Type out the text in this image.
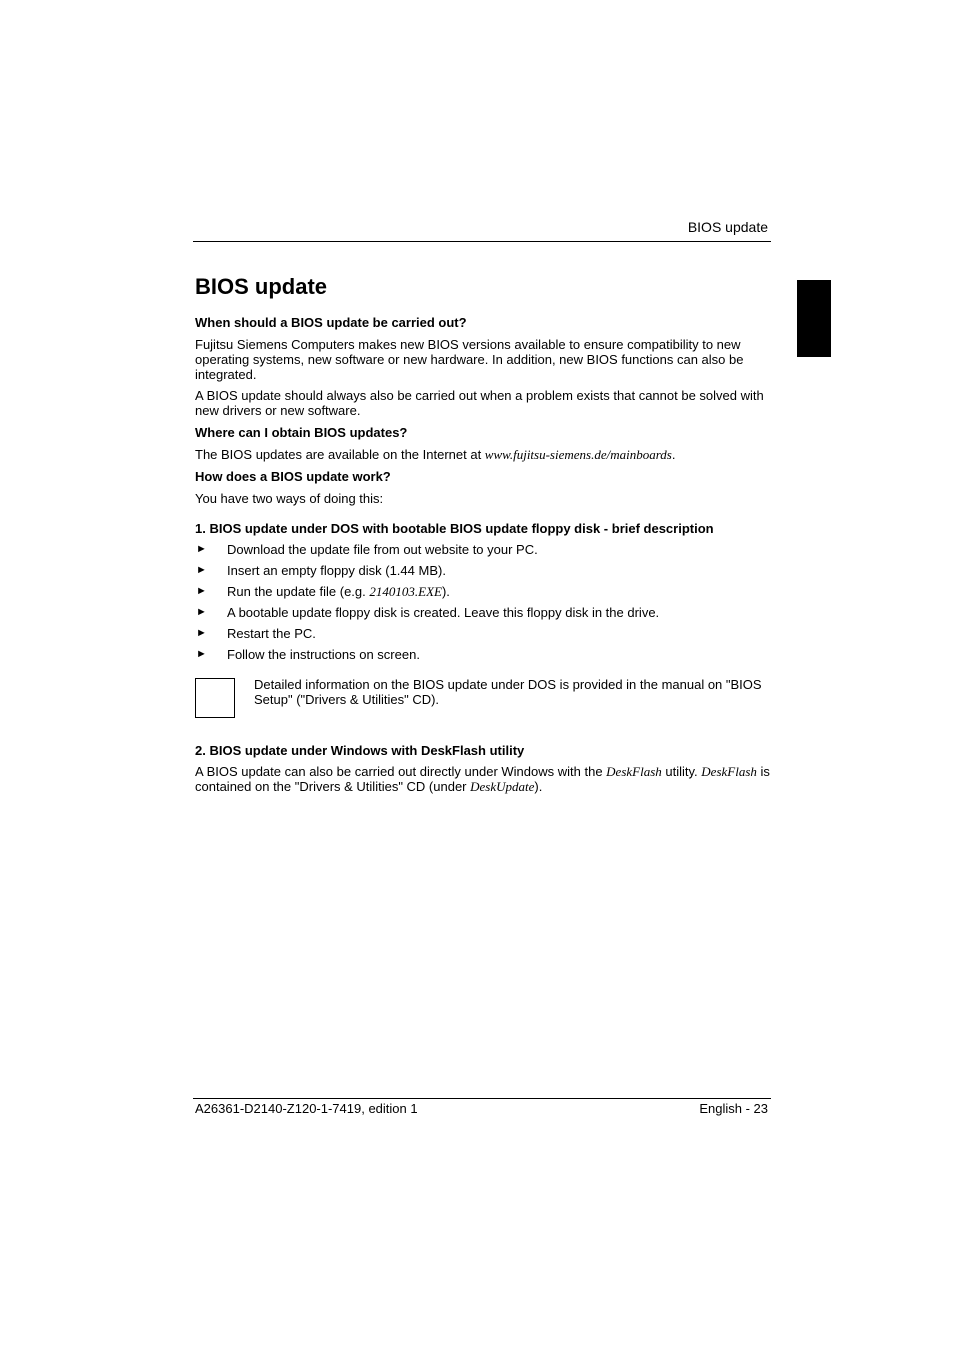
BIOS update
BIOS update
When should a BIOS update be carried out?

Fujitsu Siemens Computers makes new BIOS versions available to ensure compatibility to new operating systems, new software or new hardware. In addition, new BIOS functions can also be integrated.

A BIOS update should always also be carried out when a problem exists that cannot be solved with new drivers or new software.

Where can I obtain BIOS updates?

The BIOS updates are available on the Internet at www.fujitsu-siemens.de/mainboards.

How does a BIOS update work?

You have two ways of doing this:

1. BIOS update under DOS with bootable BIOS update floppy disk - brief description
► Download the update file from out website to your PC.
► Insert an empty floppy disk (1.44 MB).
► Run the update file (e.g. 2140103.EXE).
► A bootable update floppy disk is created. Leave this floppy disk in the drive.
► Restart the PC.
► Follow the instructions on screen.
Detailed information on the BIOS update under DOS is provided in the manual on "BIOS Setup" ("Drivers & Utilities" CD).
2. BIOS update under Windows with DeskFlash utility

A BIOS update can also be carried out directly under Windows with the DeskFlash utility. DeskFlash is contained on the "Drivers & Utilities" CD (under DeskUpdate).

A26361-D2140-Z120-1-7419, edition 1	English - 23
